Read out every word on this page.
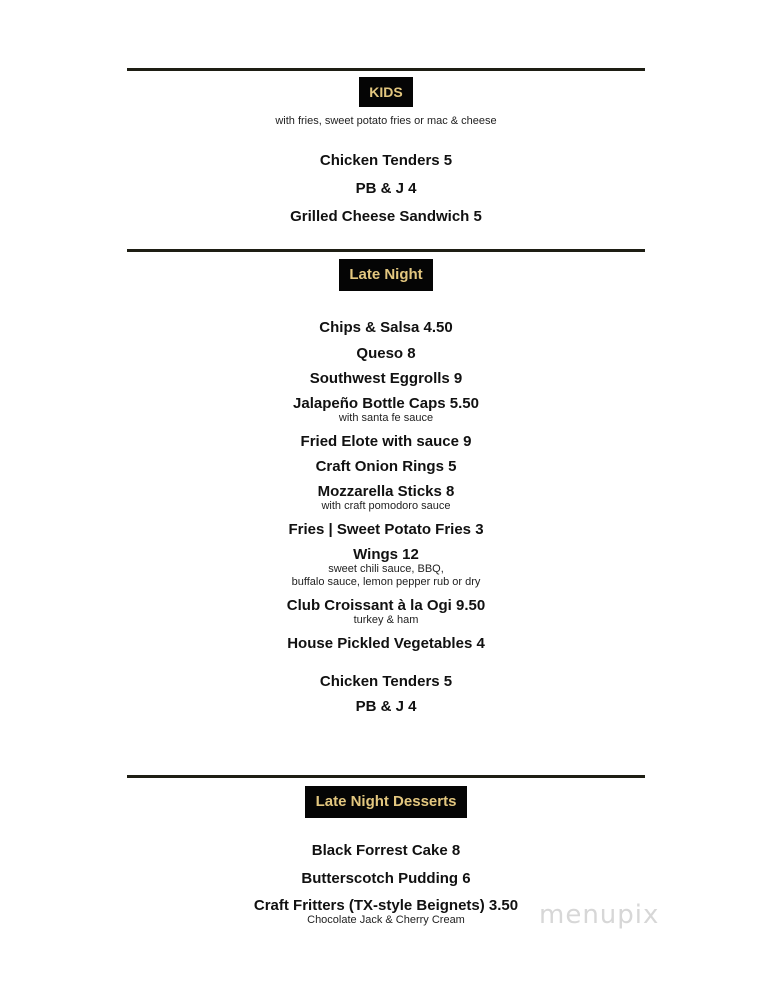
KIDS

with fries, sweet potato fries or mac & cheese

Chicken Tenders 5

PB & J 4

Grilled Cheese Sandwich 5

Late Night

Chips & Salsa 4.50

Queso 8

Southwest Eggrolls 9

Jalapeño Bottle Caps 5.50

with santa fe sauce

Fried Elote with sauce 9

Craft Onion Rings 5

Mozzarella Sticks 8

with craft pomodoro sauce

Fries | Sweet Potato Fries 3

Wings 12

sweet chili sauce, BBQ,

buffalo sauce, lemon pepper rub or dry

Club Croissant à la Ogi 9.50

turkey & ham

House Pickled Vegetables 4

Chicken Tenders 5

PB & J 4

Late Night Desserts

Black Forrest Cake 8

Butterscotch Pudding 6

Craft Fritters (TX-style Beignets) 3.50

Chocolate Jack & Cherry Cream	menupix
